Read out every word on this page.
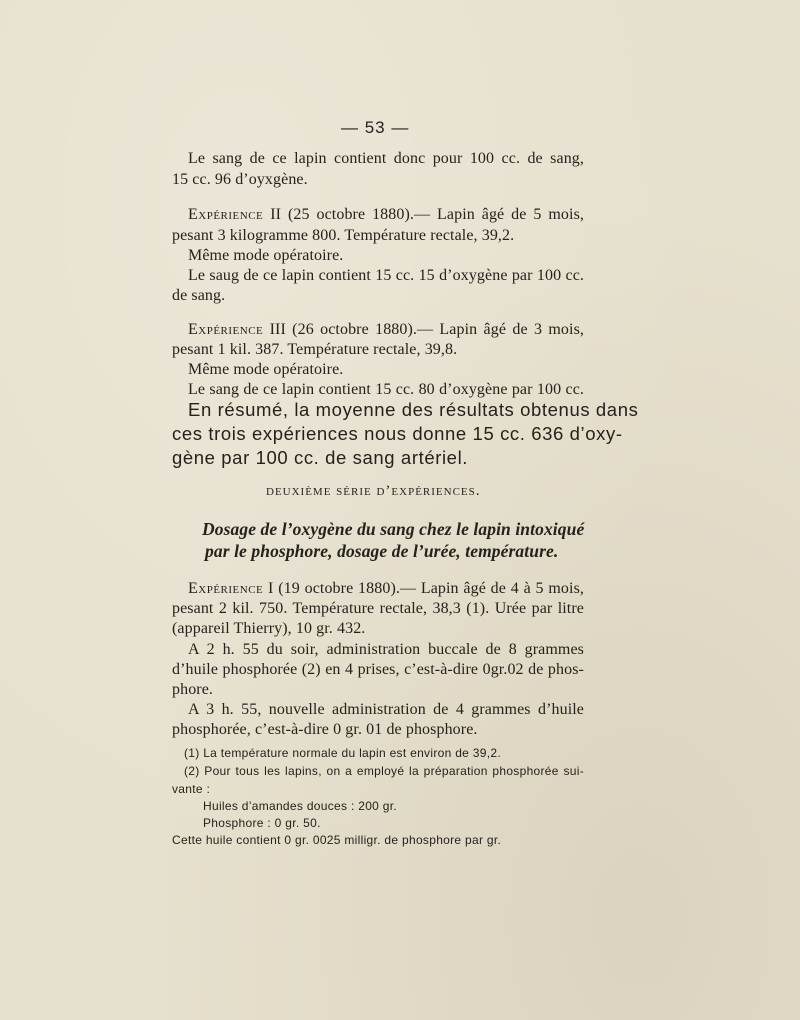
— 53 —
Le sang de ce lapin contient donc pour 100 cc. de sang,
15 cc. 96 d’oyxgène.
Expérience II (25 octobre 1880).— Lapin âgé de 5 mois,
pesant 3 kilogramme 800. Température rectale, 39,2.
Même mode opératoire.
Le saug de ce lapin contient 15 cc. 15 d’oxygène par 100 cc.
de sang.
Expérience III (26 octobre 1880).— Lapin âgé de 3 mois,
pesant 1 kil. 387. Température rectale, 39,8.
Même mode opératoire.
Le sang de ce lapin contient 15 cc. 80 d’oxygène par 100 cc.
En résumé, la moyenne des résultats obtenus dans
ces trois expériences nous donne 15 cc. 636 d’oxy-
gène par 100 cc. de sang artériel.
deuxième série d’expériences.
Dosage de l’oxygène du sang chez le lapin intoxiqué
par le phosphore, dosage de l’urée, température.
Expérience I (19 octobre 1880).— Lapin âgé de 4 à 5 mois,
pesant 2 kil. 750. Température rectale, 38,3 (1). Urée par litre
(appareil Thierry), 10 gr. 432.
A 2 h. 55 du soir, administration buccale de 8 grammes
d’huile phosphorée (2) en 4 prises, c’est-à-dire 0gr.02 de phos-
phore.
A 3 h. 55, nouvelle administration de 4 grammes d’huile
phosphorée, c’est-à-dire 0 gr. 01 de phosphore.
(1) La température normale du lapin est environ de 39,2.
(2) Pour tous les lapins, on a employé la préparation phosphorée sui-
vante :
Huiles d’amandes douces : 200 gr.
Phosphore : 0 gr. 50.
Cette huile contient 0 gr. 0025 milligr. de phosphore par gr.
